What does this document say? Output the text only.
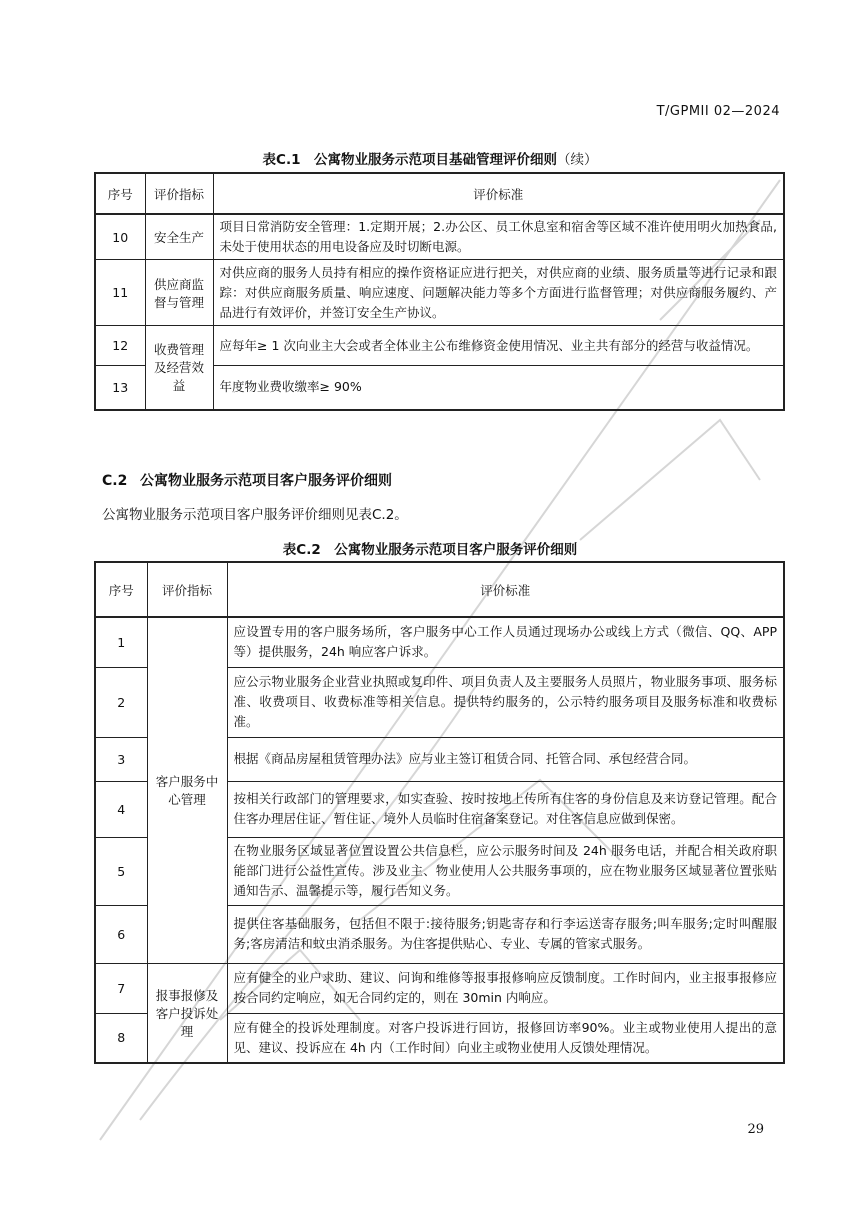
T/GPMII 02—2024
表C.1　公寓物业服务示范项目基础管理评价细则（续）
序号	评价指标	评价标准
10	安全生产	项目日常消防安全管理：1.定期开展；2.办公区、员工休息室和宿舍等区域不准许使用明火加热食品,未处于使用状态的用电设备应及时切断电源。
11	供应商监督与管理	对供应商的服务人员持有相应的操作资格证应进行把关，对供应商的业绩、服务质量等进行记录和跟踪：对供应商服务质量、响应速度、问题解决能力等多个方面进行监督管理；对供应商服务履约、产品进行有效评价，并签订安全生产协议。
12	收费管理及经营效益	应每年≥ 1 次向业主大会或者全体业主公布维修资金使用情况、业主共有部分的经营与收益情况。
13		年度物业费收缴率≥ 90%
C.2 公寓物业服务示范项目客户服务评价细则
公寓物业服务示范项目客户服务评价细则见表C.2。
表C.2　公寓物业服务示范项目客户服务评价细则
序号	评价指标	评价标准
1	客户服务中心管理	应设置专用的客户服务场所，客户服务中心工作人员通过现场办公或线上方式（微信、QQ、APP等）提供服务，24h 响应客户诉求。
2		应公示物业服务企业营业执照或复印件、项目负责人及主要服务人员照片，物业服务事项、服务标准、收费项目、收费标准等相关信息。提供特约服务的，公示特约服务项目及服务标准和收费标准。
3		根据《商品房屋租赁管理办法》应与业主签订租赁合同、托管合同、承包经营合同。
4		按相关行政部门的管理要求，如实查验、按时按地上传所有住客的身份信息及来访登记管理。配合住客办理居住证、暂住证、境外人员临时住宿备案登记。对住客信息应做到保密。
5		在物业服务区域显著位置设置公共信息栏，应公示服务时间及 24h 服务电话，并配合相关政府职能部门进行公益性宣传。涉及业主、物业使用人公共服务事项的，应在物业服务区域显著位置张贴通知告示、温馨提示等，履行告知义务。
6		提供住客基础服务，包括但不限于:接待服务;钥匙寄存和行李运送寄存服务;叫车服务;定时叫醒服务;客房清洁和蚊虫消杀服务。为住客提供贴心、专业、专属的管家式服务。
7	报事报修及客户投诉处理	应有健全的业户求助、建议、问询和维修等报事报修响应反馈制度。工作时间内，业主报事报修应按合同约定响应，如无合同约定的，则在 30min 内响应。
8		应有健全的投诉处理制度。对客户投诉进行回访，报修回访率90%。业主或物业使用人提出的意见、建议、投诉应在 4h 内（工作时间）向业主或物业使用人反馈处理情况。
29
